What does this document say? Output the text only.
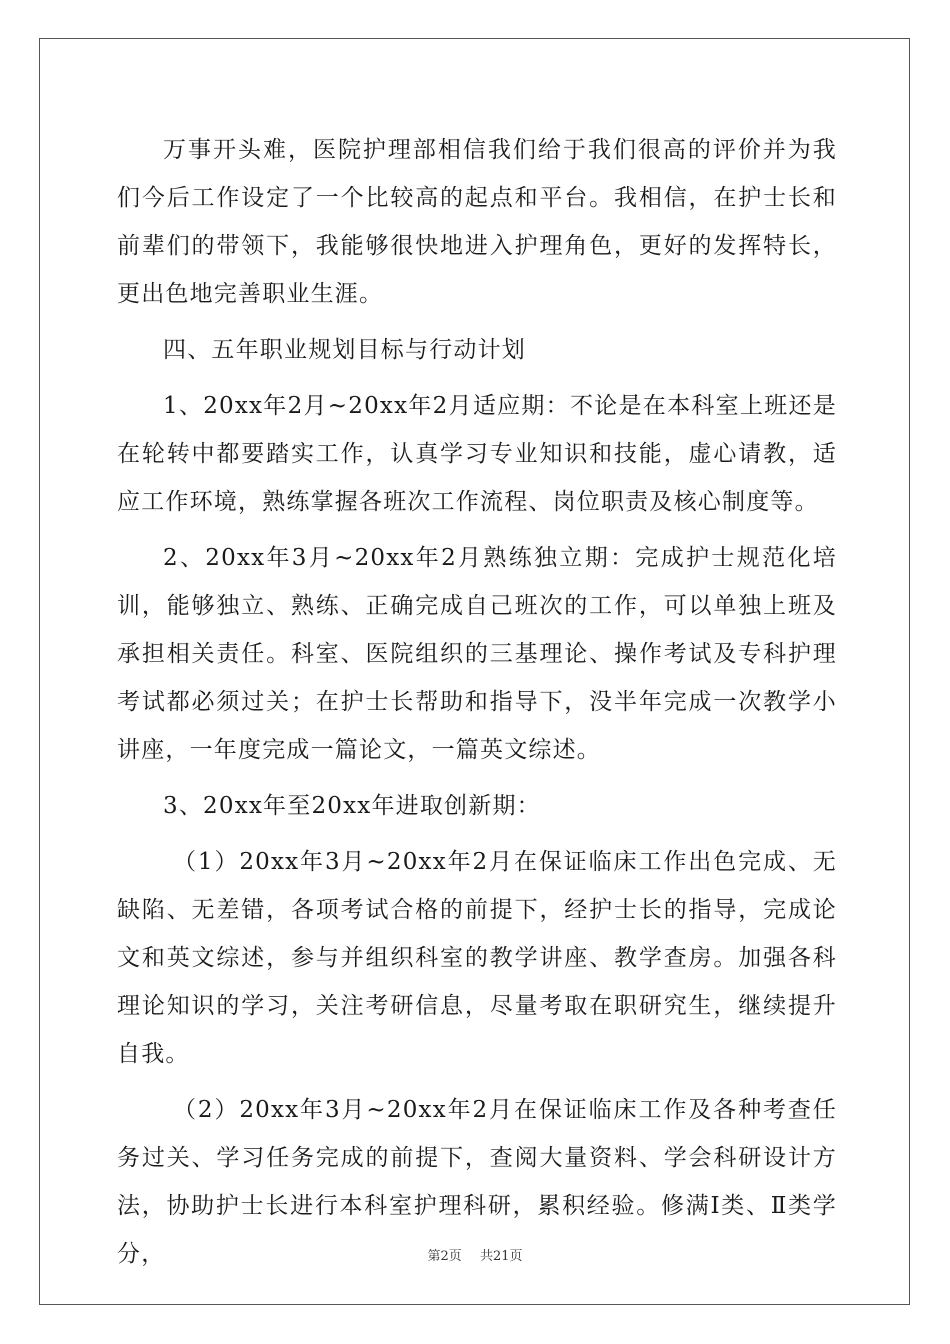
万事开头难，医院护理部相信我们给于我们很高的评价并为我们今后工作设定了一个比较高的起点和平台。我相信，在护士长和前辈们的带领下，我能够很快地进入护理角色，更好的发挥特长，更出色地完善职业生涯。

四、五年职业规划目标与行动计划

1、20xx年2月~20xx年2月适应期：不论是在本科室上班还是在轮转中都要踏实工作，认真学习专业知识和技能，虚心请教，适应工作环境，熟练掌握各班次工作流程、岗位职责及核心制度等。

2、20xx年3月~20xx年2月熟练独立期：完成护士规范化培训，能够独立、熟练、正确完成自己班次的工作，可以单独上班及承担相关责任。科室、医院组织的三基理论、操作考试及专科护理考试都必须过关；在护士长帮助和指导下，没半年完成一次教学小讲座，一年度完成一篇论文，一篇英文综述。

3、20xx年至20xx年进取创新期：

（1）20xx年3月~20xx年2月在保证临床工作出色完成、无缺陷、无差错，各项考试合格的前提下，经护士长的指导，完成论文和英文综述，参与并组织科室的教学讲座、教学查房。加强各科理论知识的学习，关注考研信息，尽量考取在职研究生，继续提升自我。

（2）20xx年3月~20xx年2月在保证临床工作及各种考查任务过关、学习任务完成的前提下，查阅大量资料、学会科研设计方法，协助护士长进行本科室护理科研，累积经验。修满Ⅰ类、Ⅱ类学分，	第2页 共21页
